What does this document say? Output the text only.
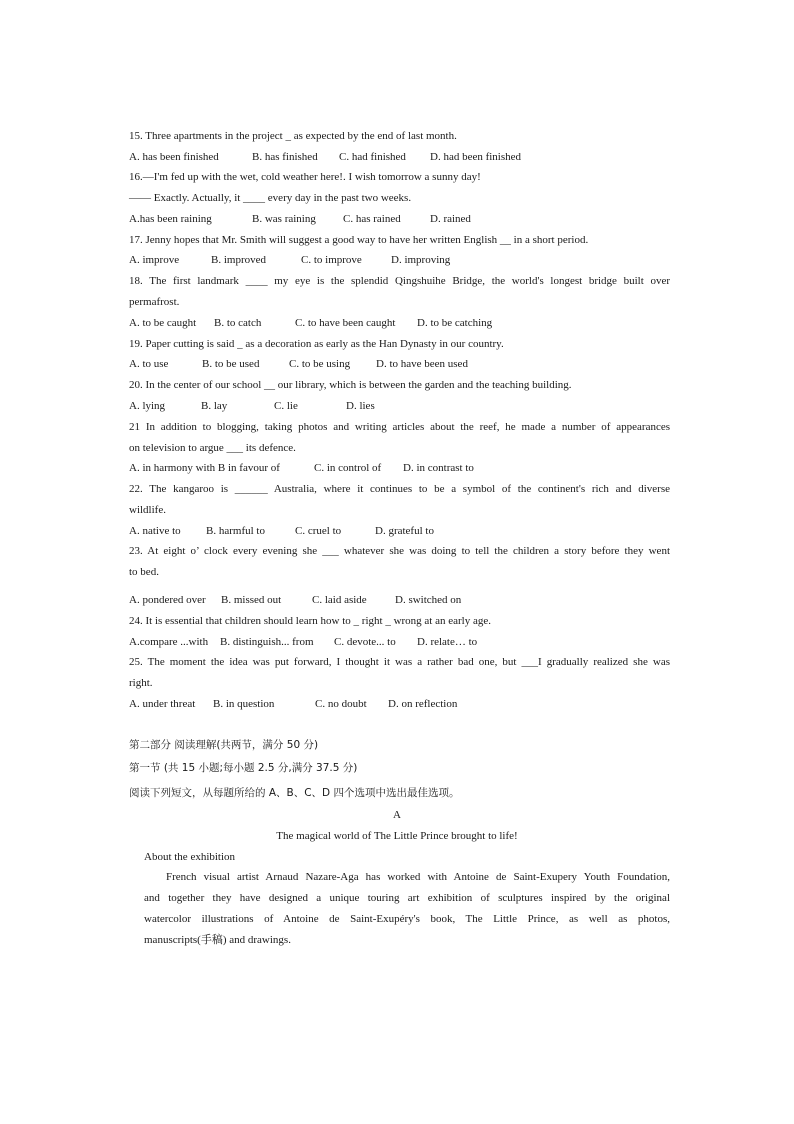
15. Three apartments in the project _ as expected by the end of last month.
A. has been finished	B. has finished C. had finished D. had been finished
16.—I'm fed up with the wet, cold weather here!. I wish tomorrow a sunny day!
—— Exactly. Actually, it ____ every day in the past two weeks.
A.has been raining	B. was raining C. has rained	D. rained
17. Jenny hopes that Mr. Smith will suggest a good way to have her written English __ in a short period.
A. improve	B. improved	C. to improve	D. improving
18. The first landmark ____ my eye is the splendid Qingshuihe Bridge, the world's longest bridge built over
permafrost.
A. to be caught B. to catch	C. to have been caught D. to be catching
19. Paper cutting is said _ as a decoration as early as the Han Dynasty in our country.
A. to use	B. to be used	C. to be using D. to have been used
20. In the center of our school __ our library, which is between the garden and the teaching building.
A. lying	B. lay	C. lie	D. lies
21 In addition to blogging, taking photos and writing articles about the reef, he made a number of appearances
on television to argue ___ its defence.
A. in harmony with B in favour of	C. in control of D. in contrast to
22. The kangaroo is ______ Australia, where it continues to be a symbol of the continent's rich and diverse
wildlife.
A. native to B. harmful to	C. cruel to	D. grateful to
23. At eight o’ clock every evening she ___ whatever she was doing to tell the children a story before they went
to bed.
A. pondered over B. missed out	C. laid aside	D. switched on
24. It is essential that children should learn how to _ right _ wrong at an early age.
A.compare ...with B. distinguish... from C. devote... to D. relate… to
25. The moment the idea was put forward, I thought it was a rather bad one, but ___I gradually realized she was
right.
A. under threat B. in question	C. no doubt D. on reflection
第二部分 阅读理解(共两节，满分 50 分)
第一节 (共 15 小题;每小题 2.5 分,满分 37.5 分)
阅读下列短文，从每题所给的 A、B、C、D 四个选项中选出最佳选项。
A
The magical world of The Little Prince brought to life!
About the exhibition
French visual artist Arnaud Nazare-Aga has worked with Antoine de Saint-Exupery Youth Foundation,
and together they have designed a unique touring art exhibition of sculptures inspired by the original
watercolor illustrations of Antoine de Saint-Exupéry's book, The Little Prince, as well as photos,
manuscripts(手稿) and drawings.
